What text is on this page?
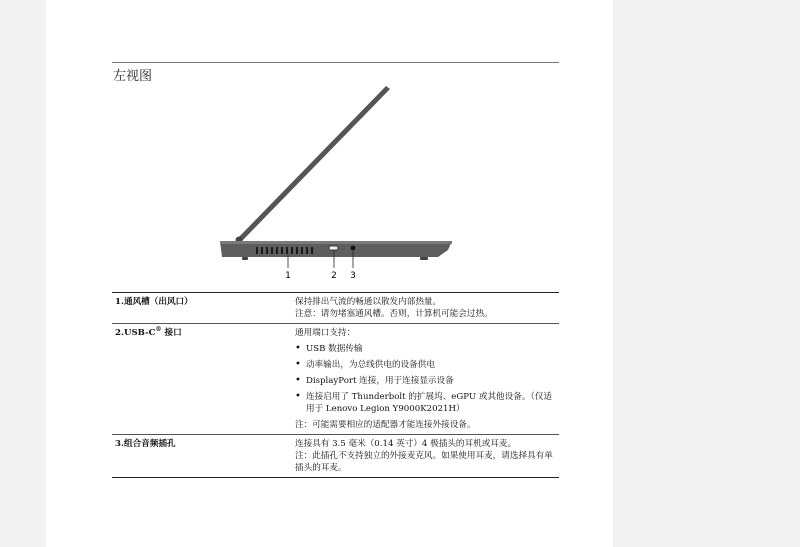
左视图
1	2 3
1.通风槽（出风口）	保持排出气流的畅通以散发内部热量。
注意：请勿堵塞通风槽。否则，计算机可能会过热。
2.USB-C® 接口	通用端口支持：
• USB 数据传输
• 动率输出，为总线供电的设备供电
• DisplayPort 连接，用于连接显示设备
• 连接启用了 Thunderbolt 的扩展坞、eGPU 或其他设备。（仅适用于 Lenovo Legion Y9000K2021H）
注：可能需要相应的适配器才能连接外接设备。
3.组合音频插孔	连接具有 3.5 毫米（0.14 英寸）4 极插头的耳机或耳麦。
注：此插孔不支持独立的外接麦克风。如果使用耳麦，请选择具有单插头的耳麦。
